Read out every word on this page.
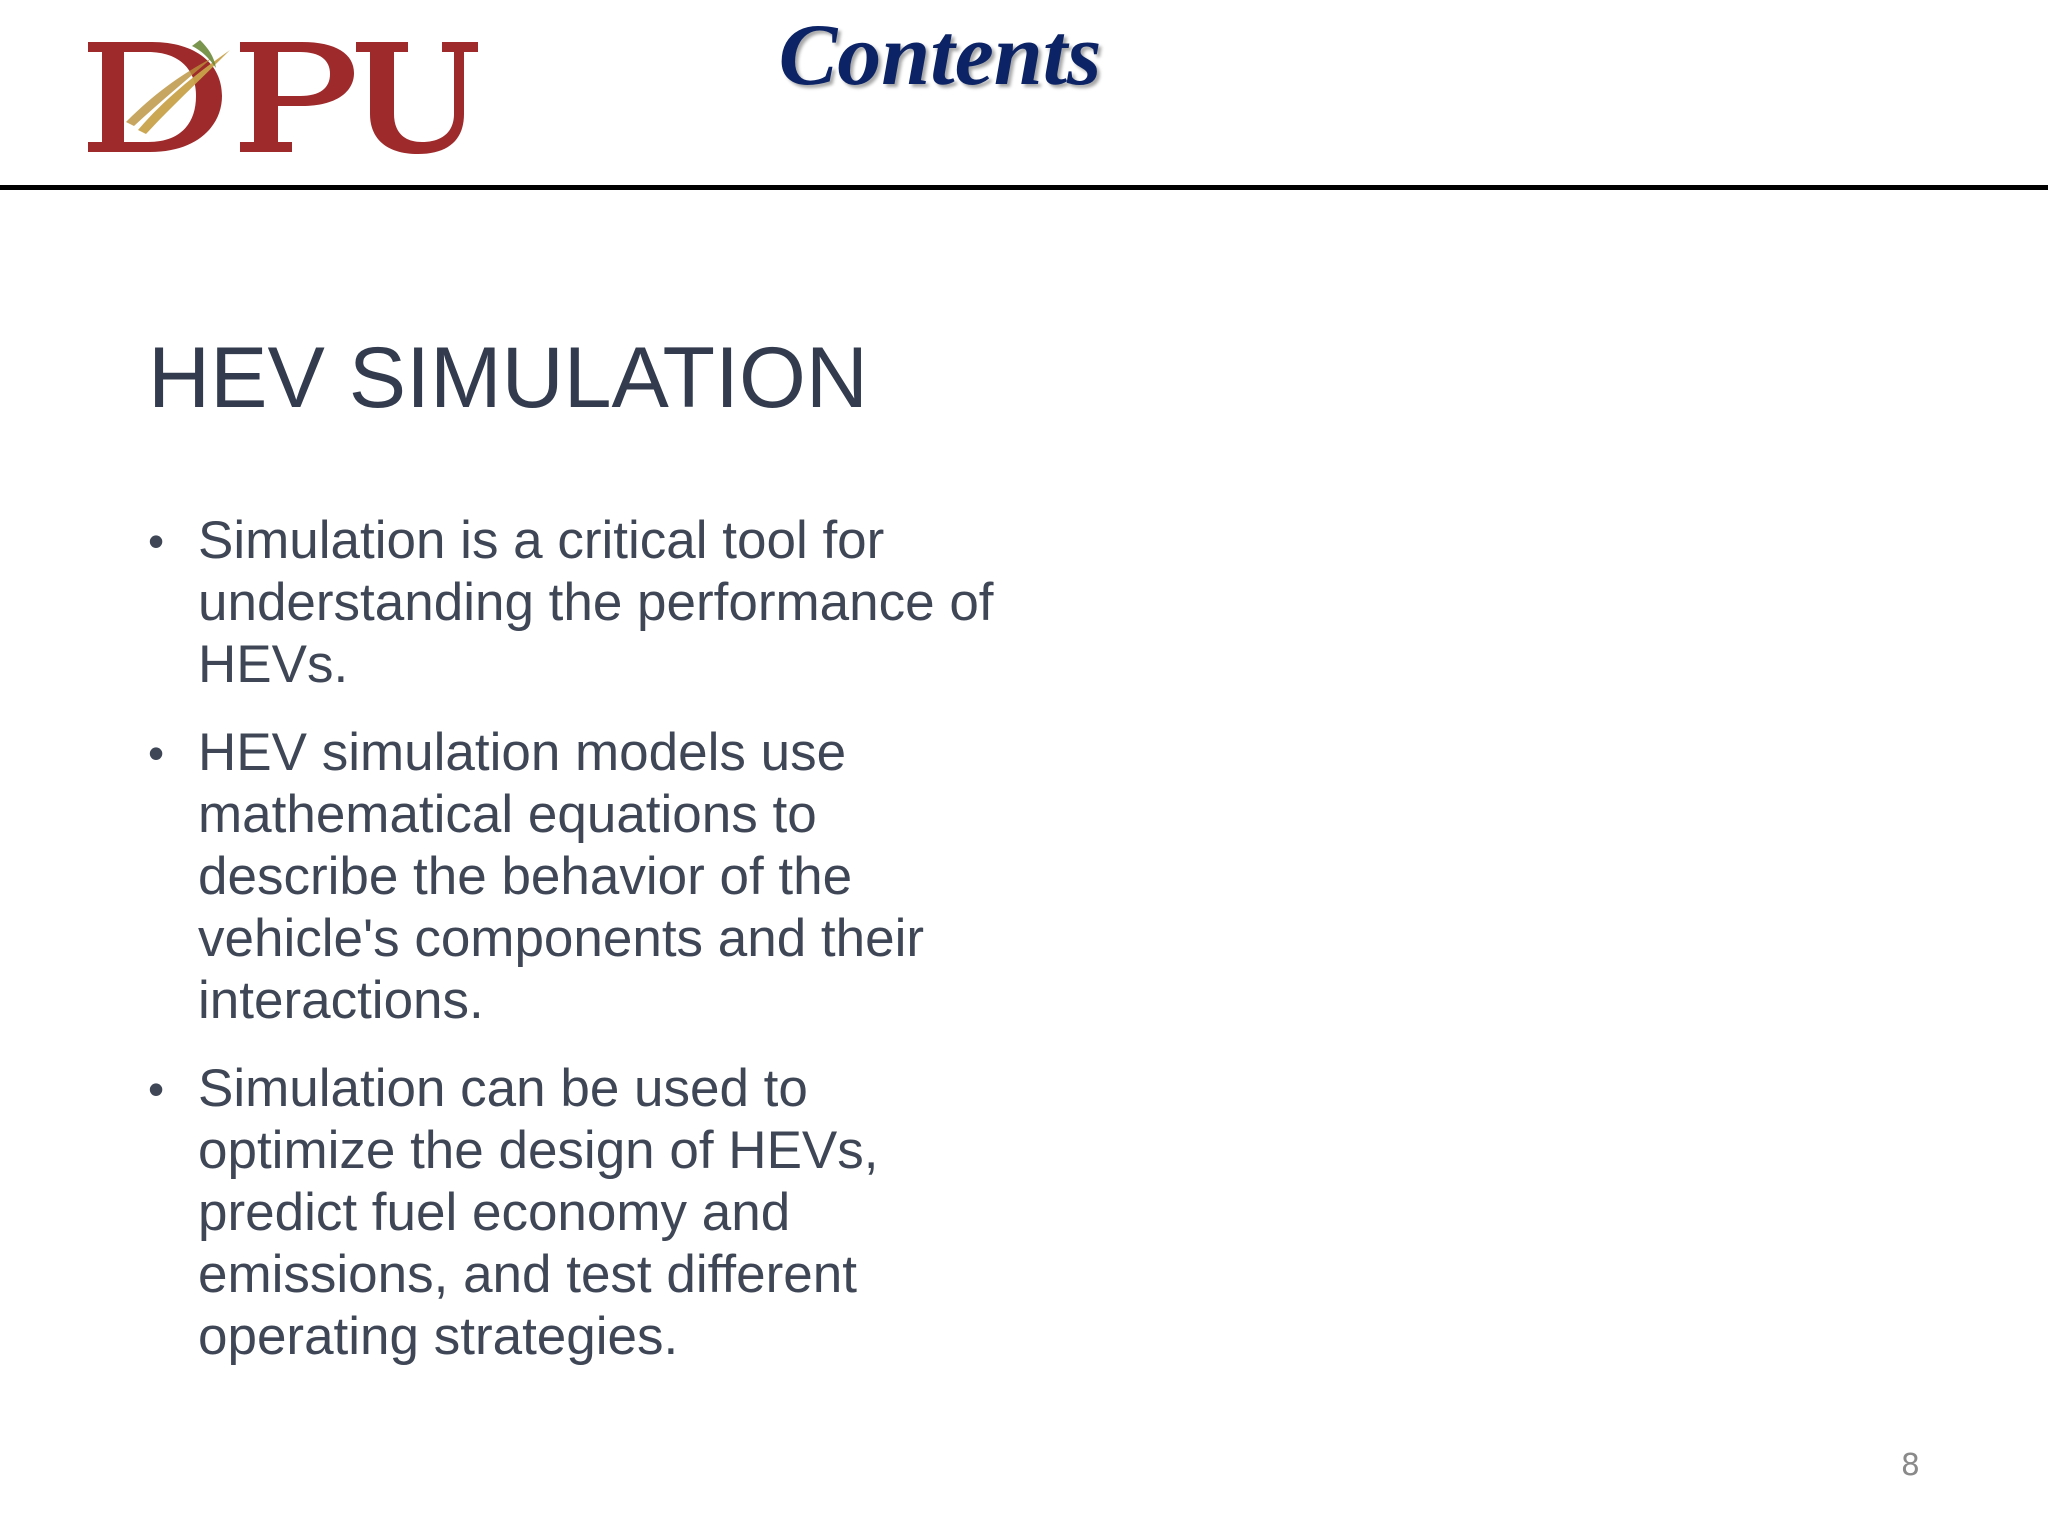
Contents
HEV SIMULATION
• Simulation is a critical tool for understanding the performance of HEVs.
• HEV simulation models use mathematical equations to describe the behavior of the vehicle's components and their interactions.
• Simulation can be used to optimize the design of HEVs, predict fuel economy and emissions, and test different operating strategies.
8
